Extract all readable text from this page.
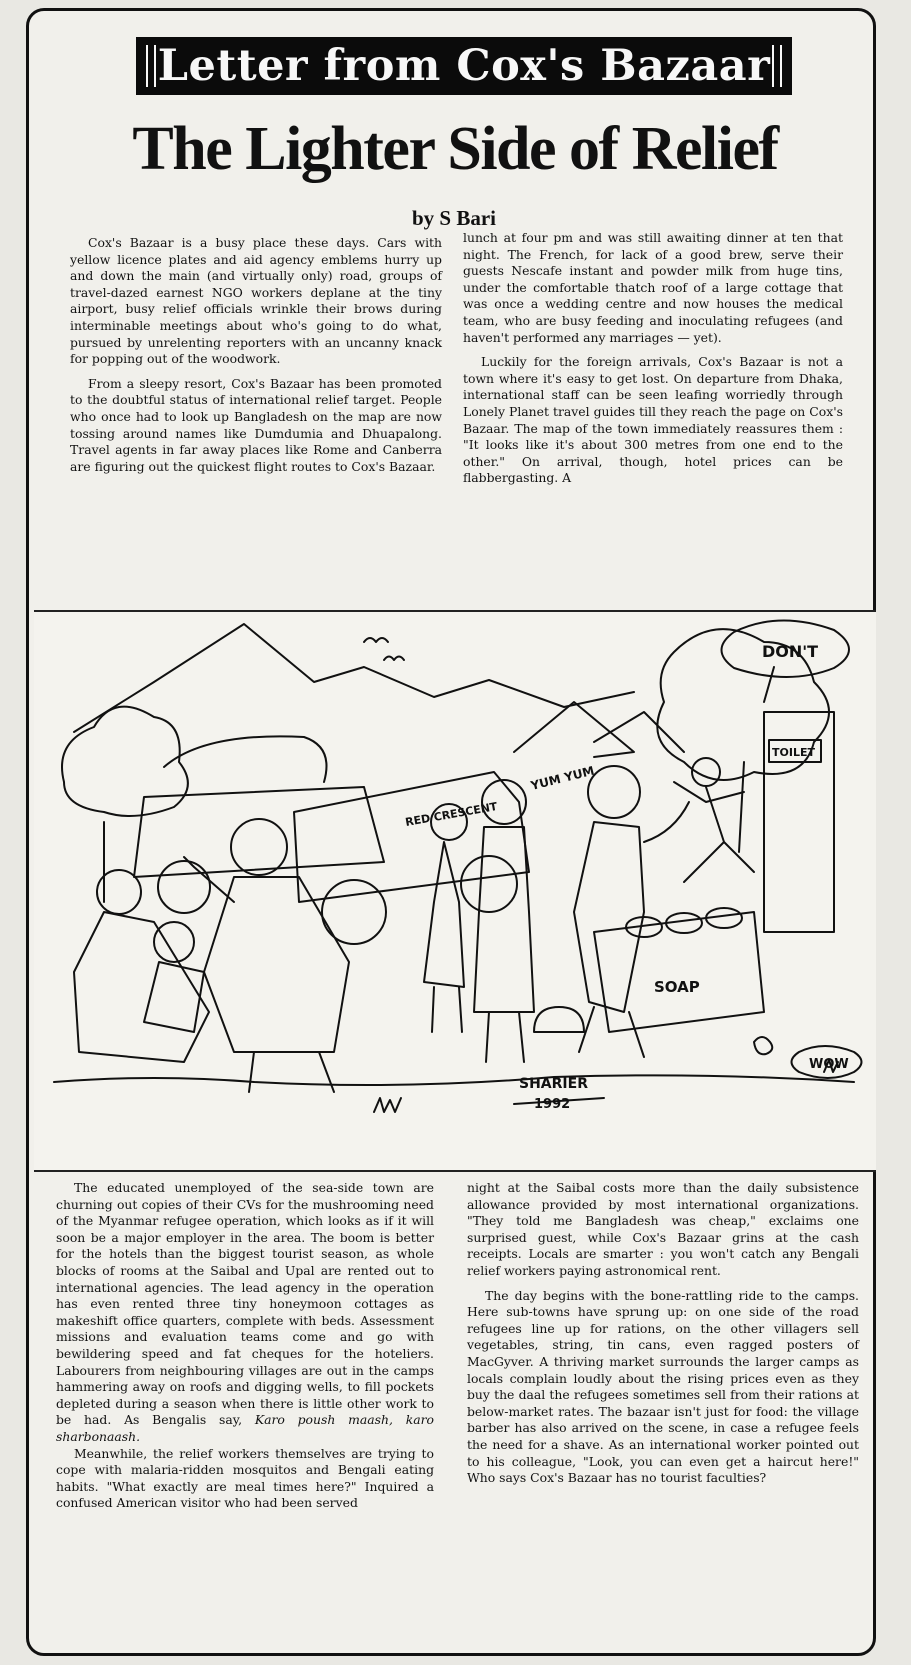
Letter from Cox's Bazaar
The Lighter Side of Relief
by S Bari

Cox's Bazaar is a busy place these days. Cars with yellow licence plates and aid agency emblems hurry up and down the main (and virtually only) road, groups of travel-dazed earnest NGO workers deplane at the tiny airport, busy relief officials wrinkle their brows during interminable meetings about who's going to do what, pursued by unrelenting reporters with an uncanny knack for popping out of the woodwork.

From a sleepy resort, Cox's Bazaar has been promoted to the doubtful status of international relief target. People who once had to look up Bangladesh on the map are now tossing around names like Dumdumia and Dhuapalong. Travel agents in far away places like Rome and Canberra are figuring out the quickest flight routes to Cox's Bazaar.

lunch at four pm and was still awaiting dinner at ten that night. The French, for lack of a good brew, serve their guests Nescafe instant and powder milk from huge tins, under the comfortable thatch roof of a large cottage that was once a wedding centre and now houses the medical team, who are busy feeding and inoculating refugees (and haven't performed any marriages — yet).

Luckily for the foreign arrivals, Cox's Bazaar is not a town where it's easy to get lost. On departure from Dhaka, international staff can be seen leafing worriedly through Lonely Planet travel guides till they reach the page on Cox's Bazaar. The map of the town immediately reassures them : "It looks like it's about 300 metres from one end to the other." On arrival, though, hotel prices can be flabbergasting. A

DON'T
TOILET
RED CRESCENT
YUM YUM
SOAP
WOW
SHARIER
1992

The educated unemployed of the sea-side town are churning out copies of their CVs for the mushrooming need of the Myanmar refugee operation, which looks as if it will soon be a major employer in the area. The boom is better for the hotels than the biggest tourist season, as whole blocks of rooms at the Saibal and Upal are rented out to international agencies. The lead agency in the operation has even rented three tiny honeymoon cottages as makeshift office quarters, complete with beds. Assessment missions and evaluation teams come and go with bewildering speed and fat cheques for the hoteliers. Labourers from neighbouring villages are out in the camps hammering away on roofs and digging wells, to fill pockets depleted during a season when there is little other work to be had. As Bengalis say, Karo poush maash, karo sharbonaash.

Meanwhile, the relief workers themselves are trying to cope with malaria-ridden mosquitos and Bengali eating habits. "What exactly are meal times here?" Inquired a confused American visitor who had been served

night at the Saibal costs more than the daily subsistence allowance provided by most international organizations. "They told me Bangladesh was cheap," exclaims one surprised guest, while Cox's Bazaar grins at the cash receipts. Locals are smarter : you won't catch any Bengali relief workers paying astronomical rent.

The day begins with the bone-rattling ride to the camps. Here sub-towns have sprung up: on one side of the road refugees line up for rations, on the other villagers sell vegetables, string, tin cans, even ragged posters of MacGyver. A thriving market surrounds the larger camps as locals complain loudly about the rising prices even as they buy the daal the refugees sometimes sell from their rations at below-market rates. The bazaar isn't just for food: the village barber has also arrived on the scene, in case a refugee feels the need for a shave. As an international worker pointed out to his colleague, "Look, you can even get a haircut here!" Who says Cox's Bazaar has no tourist faculties?
